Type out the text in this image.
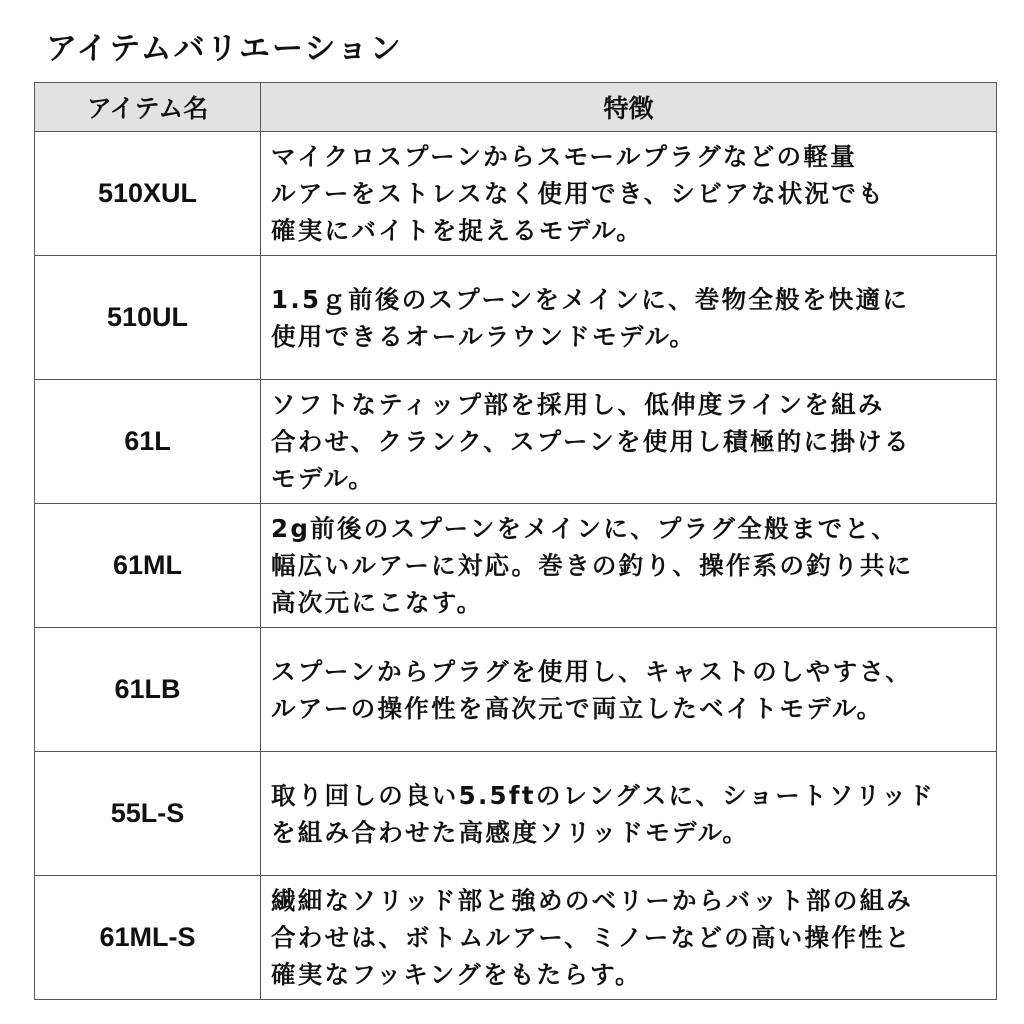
アイテムバリエーション
アイテム名	特徴
510XUL	マイクロスプーンからスモールプラグなどの軽量
ルアーをストレスなく使用でき、シビアな状況でも
確実にバイトを捉えるモデル。

510UL	1.5ｇ前後のスプーンをメインに、巻物全般を快適に
使用できるオールラウンドモデル。

61L	ソフトなティップ部を採用し、低伸度ラインを組み
合わせ、クランク、スプーンを使用し積極的に掛ける
モデル。

61ML	2g前後のスプーンをメインに、プラグ全般までと、
幅広いルアーに対応。巻きの釣り、操作系の釣り共に
高次元にこなす。

61LB	スプーンからプラグを使用し、キャストのしやすさ、
ルアーの操作性を高次元で両立したベイトモデル。

55L-S	取り回しの良い5.5ftのレングスに、ショートソリッド
を組み合わせた高感度ソリッドモデル。

61ML-S	繊細なソリッド部と強めのベリーからバット部の組み
合わせは、ボトムルアー、ミノーなどの高い操作性と
確実なフッキングをもたらす。
